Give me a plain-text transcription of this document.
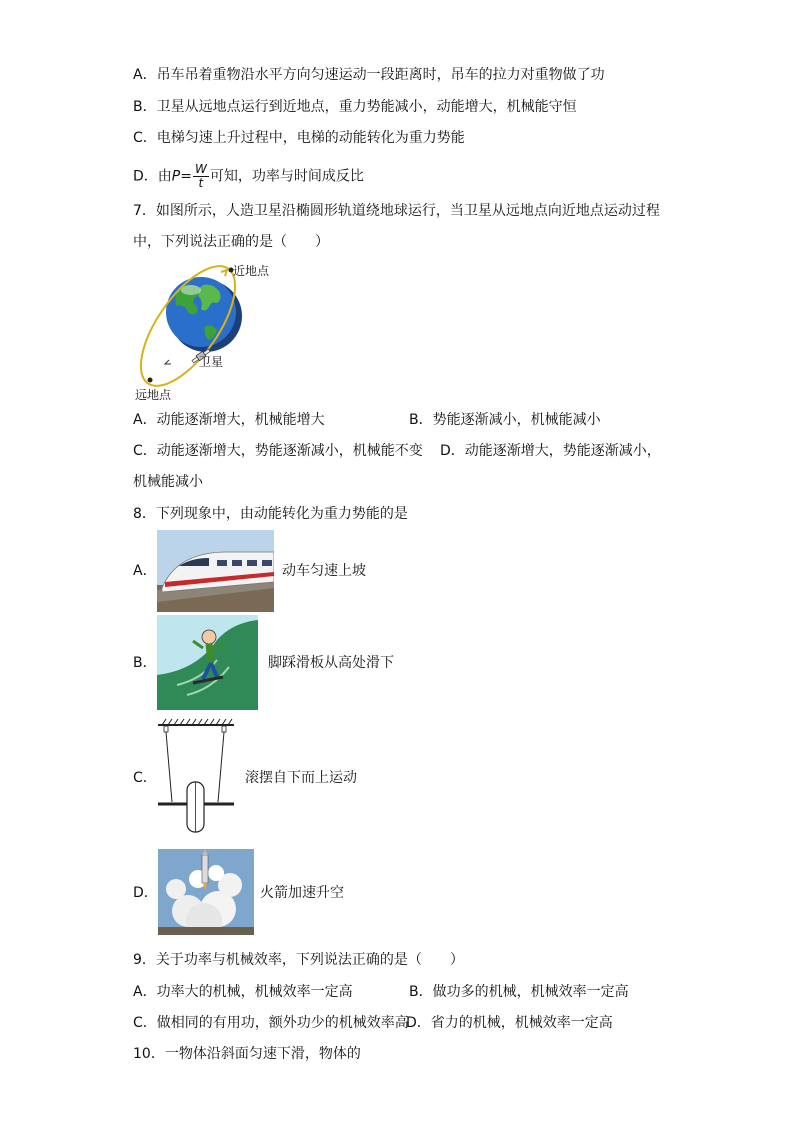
A．吊车吊着重物沿水平方向匀速运动一段距离时，吊车的拉力对重物做了功
B．卫星从远地点运行到近地点，重力势能减小，动能增大，机械能守恒
C．电梯匀速上升过程中，电梯的动能转化为重力势能
D．由$P= \frac{W}{t}$ 可知，功率与时间成反比
7．如图所示，人造卫星沿椭圆形轨道绕地球运行，当卫星从远地点向近地点运动过程
中，下列说法正确的是（　　）
近地点
卫星
远地点
A．动能逐渐增大，机械能增大	B．势能逐渐减小，机械能减小
C．动能逐渐增大，势能逐渐减小，机械能不变 D．动能逐渐增大，势能逐渐减小，
机械能减小
8．下列现象中，由动能转化为重力势能的是
A．	动车匀速上坡
B．	脚踩滑板从高处滑下
C．	滚摆自下而上运动
D．	火箭加速升空
9．关于功率与机械效率，下列说法正确的是（　　）
A．功率大的机械，机械效率一定高	B．做功多的机械，机械效率一定高
C．做相同的有用功，额外功少的机械效率高
D．省力的机械，机械效率一定高
10．一物体沿斜面匀速下滑，物体的
